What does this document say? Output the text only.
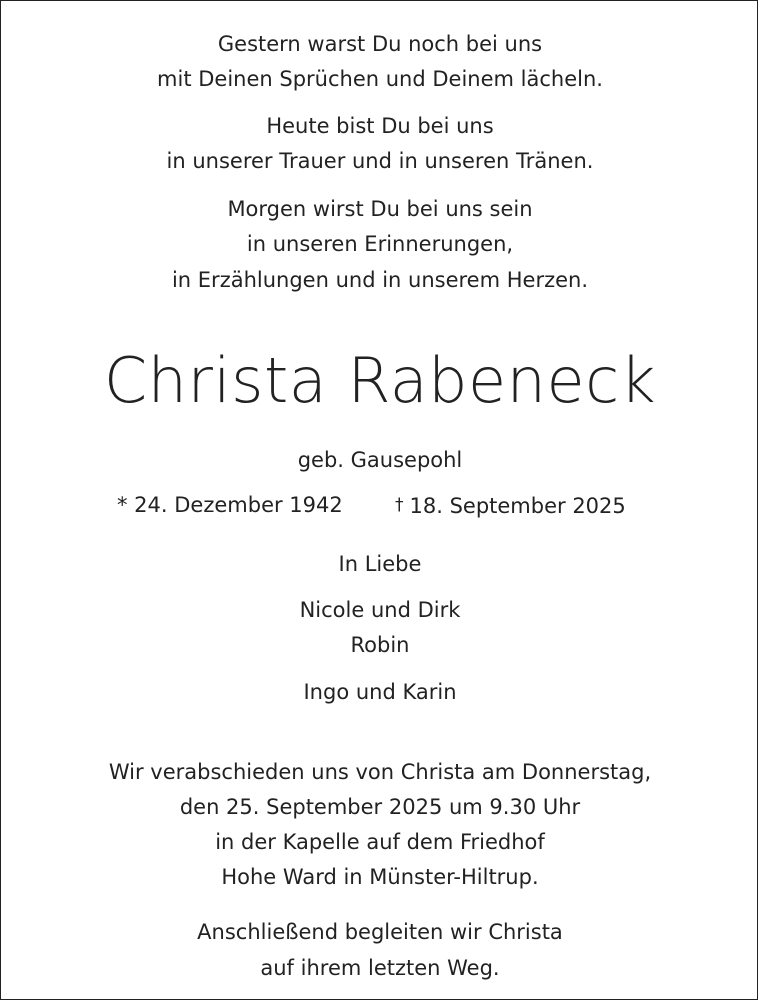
Gestern warst Du noch bei uns
mit Deinen Sprüchen und Deinem lächeln.
Heute bist Du bei uns
in unserer Trauer und in unseren Tränen.
Morgen wirst Du bei uns sein
in unseren Erinnerungen,
in Erzählungen und in unserem Herzen.
Christa Rabeneck
geb. Gausepohl
* 24. Dezember 1942	† 18. September 2025
In Liebe
Nicole und Dirk
Robin
Ingo und Karin
Wir verabschieden uns von Christa am Donnerstag,
den 25. September 2025 um 9.30 Uhr
in der Kapelle auf dem Friedhof
Hohe Ward in Münster-Hiltrup.
Anschließend begleiten wir Christa
auf ihrem letzten Weg.
